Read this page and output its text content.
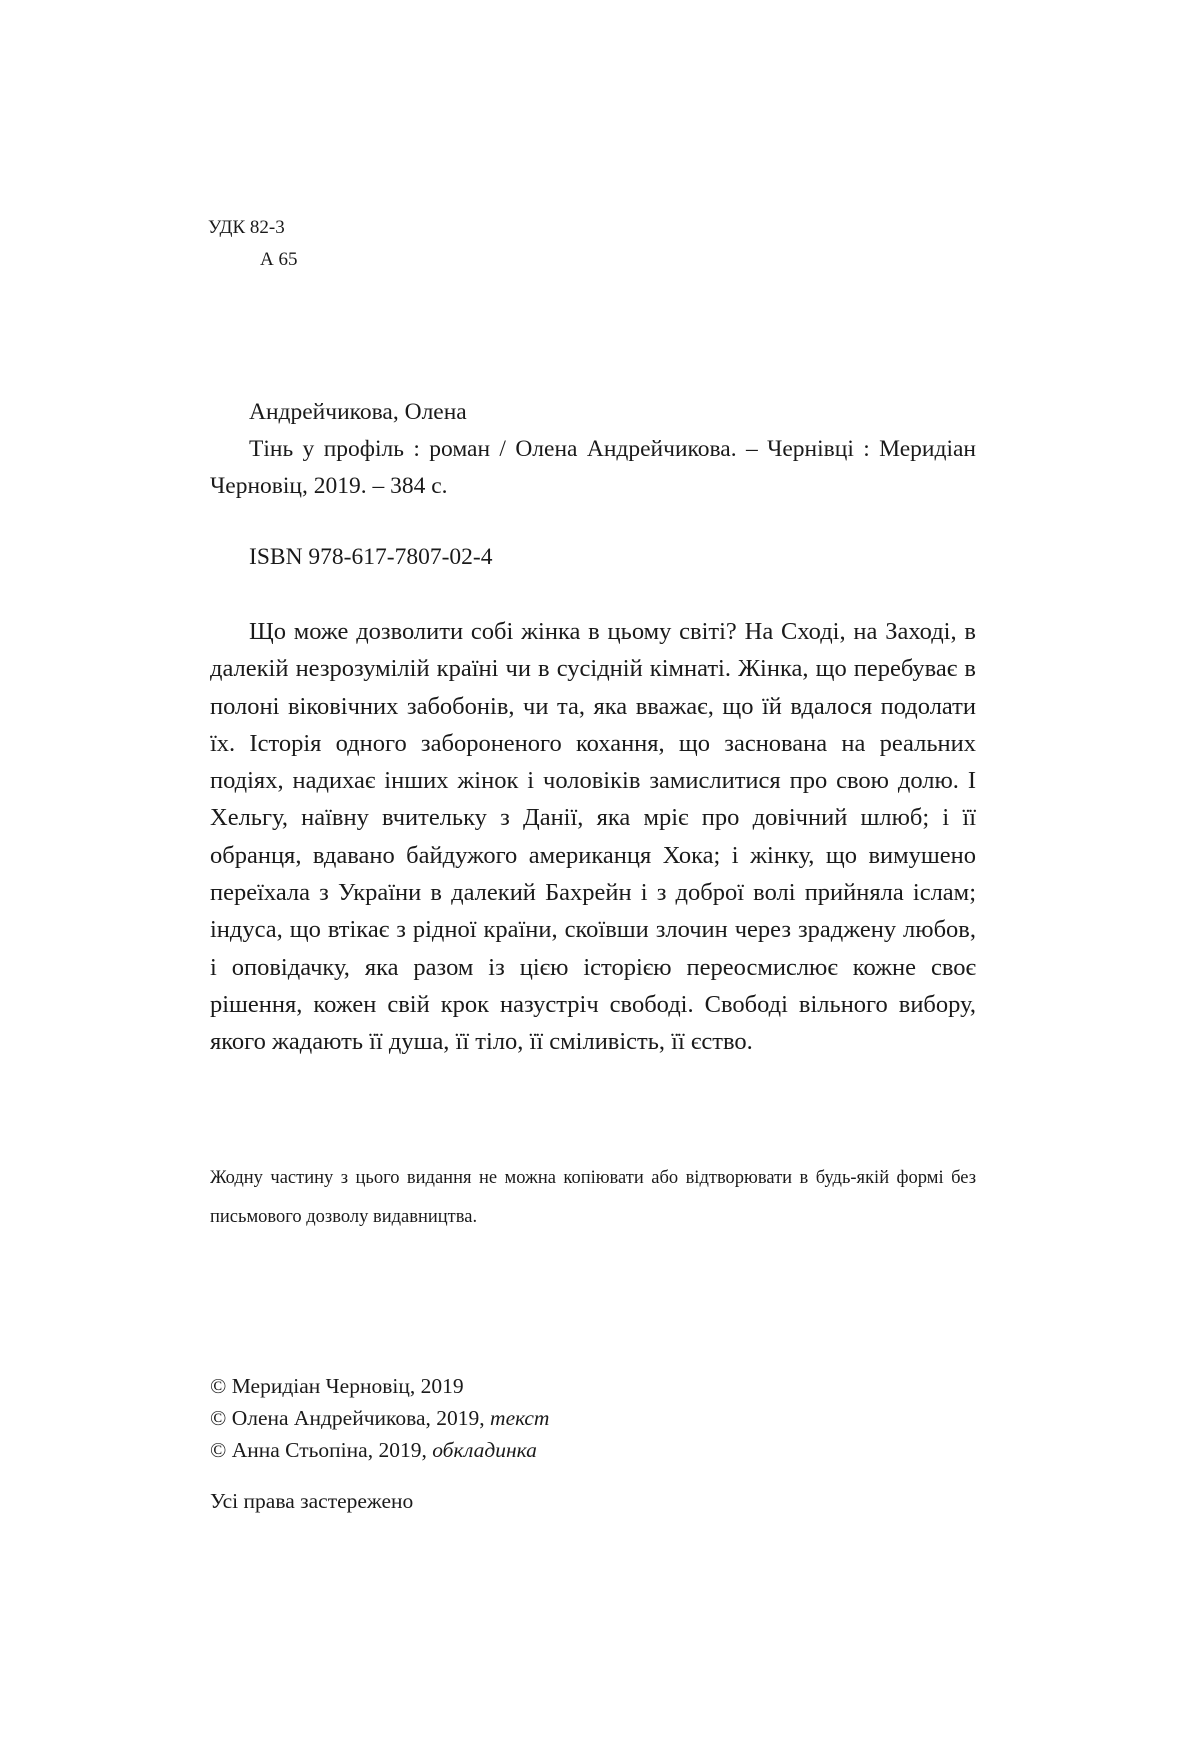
УДК 82-3
А 65
Андрейчикова, Олена
Тінь у профіль : роман / Олена Андрейчикова. – Чернівці : Меридіан Черновіц, 2019. – 384 с.
ISBN 978-617-7807-02-4
Що може дозволити собі жінка в цьому світі? На Сході, на Заході, в далекій незрозумілій країні чи в сусідній кімнаті. Жінка, що перебуває в полоні віковічних забобонів, чи та, яка вважає, що їй вдалося подолати їх. Історія одного забороненого кохання, що заснована на реальних подіях, надихає інших жінок і чоловіків замислитися про свою долю. І Хельгу, наївну вчительку з Данії, яка мріє про довічний шлюб; і її обранця, вдавано байдужого американця Хока; і жінку, що вимушено переїхала з України в далекий Бахрейн і з доброї волі прийняла іслам; індуса, що втікає з рідної країни, скоївши злочин через зраджену любов, і оповідачку, яка разом із цією історією переосмислює кожне своє рішення, кожен свій крок назустріч свободі. Свободі вільного вибору, якого жадають її душа, її тіло, її сміливість, її єство.
Жодну частину з цього видання не можна копіювати або відтворювати в будь-якій формі без письмового дозволу видавництва.
© Меридіан Черновіц, 2019
© Олена Андрейчикова, 2019, текст
© Анна Стьопіна, 2019, обкладинка
Усі права застережено
